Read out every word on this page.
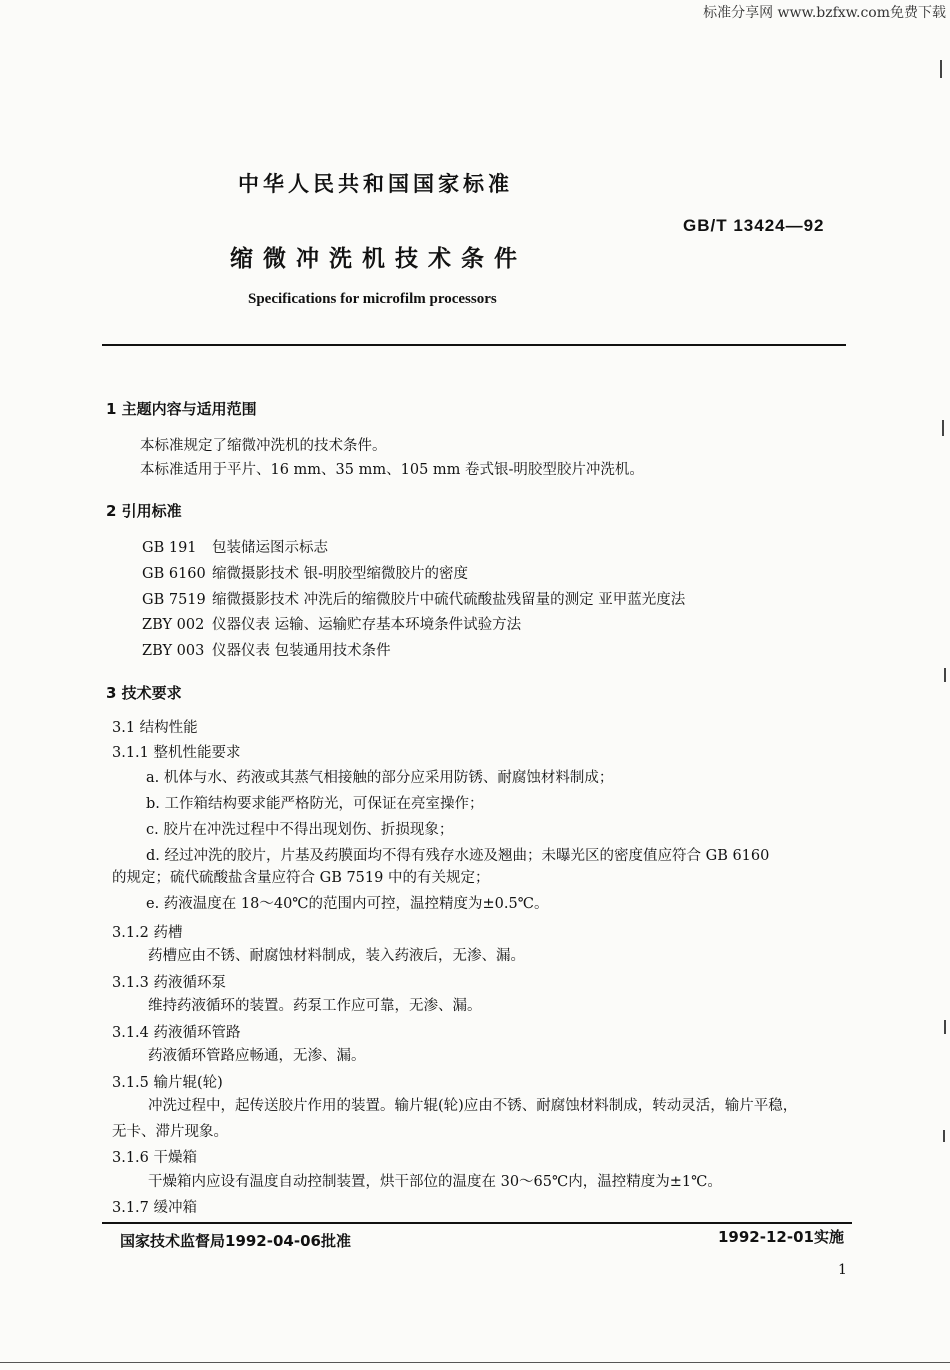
标准分享网 www.bzfxw.com免费下载
中华人民共和国国家标准
GB/T 13424—92
缩微冲洗机技术条件
Specifications for microfilm processors
1 主题内容与适用范围
本标准规定了缩微冲洗机的技术条件。
本标准适用于平片、16 mm、35 mm、105 mm 卷式银-明胶型胶片冲洗机。
2 引用标准
GB 191 包装储运图示标志
GB 6160 缩微摄影技术 银-明胶型缩微胶片的密度
GB 7519 缩微摄影技术 冲洗后的缩微胶片中硫代硫酸盐残留量的测定 亚甲蓝光度法
ZBY 002 仪器仪表 运输、运输贮存基本环境条件试验方法
ZBY 003 仪器仪表 包装通用技术条件
3 技术要求
3.1 结构性能
3.1.1 整机性能要求
a. 机体与水、药液或其蒸气相接触的部分应采用防锈、耐腐蚀材料制成；
b. 工作箱结构要求能严格防光，可保证在亮室操作；
c. 胶片在冲洗过程中不得出现划伤、折损现象；
d. 经过冲洗的胶片，片基及药膜面均不得有残存水迹及翘曲；未曝光区的密度值应符合 GB 6160
的规定；硫代硫酸盐含量应符合 GB 7519 中的有关规定；
e. 药液温度在 18～40℃的范围内可控，温控精度为±0.5℃。
3.1.2 药槽
药槽应由不锈、耐腐蚀材料制成，装入药液后，无渗、漏。
3.1.3 药液循环泵
维持药液循环的装置。药泵工作应可靠，无渗、漏。
3.1.4 药液循环管路
药液循环管路应畅通，无渗、漏。
3.1.5 输片辊(轮)
冲洗过程中，起传送胶片作用的装置。输片辊(轮)应由不锈、耐腐蚀材料制成，转动灵活，输片平稳，
无卡、滞片现象。
3.1.6 干燥箱
干燥箱内应设有温度自动控制装置，烘干部位的温度在 30～65℃内，温控精度为±1℃。
3.1.7 缓冲箱
国家技术监督局1992-04-06批准	1992-12-01实施
1
